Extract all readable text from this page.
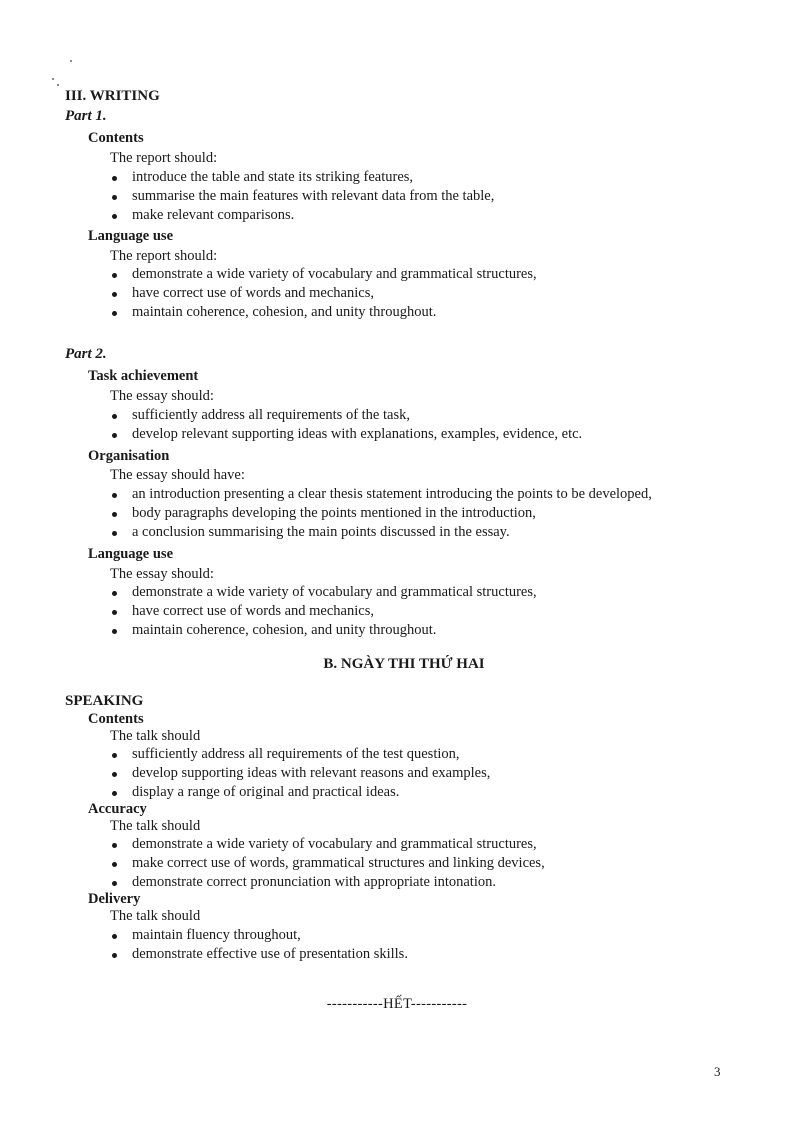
III. WRITING
Part 1.
Contents
The report should:
introduce the table and state its striking features,
summarise the main features with relevant data from the table,
make relevant comparisons.
Language use
The report should:
demonstrate a wide variety of vocabulary and grammatical structures,
have correct use of words and mechanics,
maintain coherence, cohesion, and unity throughout.
Part 2.
Task achievement
The essay should:
sufficiently address all requirements of the task,
develop relevant supporting ideas with explanations, examples, evidence, etc.
Organisation
The essay should have:
an introduction presenting a clear thesis statement introducing the points to be developed,
body paragraphs developing the points mentioned in the introduction,
a conclusion summarising the main points discussed in the essay.
Language use
The essay should:
demonstrate a wide variety of vocabulary and grammatical structures,
have correct use of words and mechanics,
maintain coherence, cohesion, and unity throughout.
B. NGÀY THI THỨ HAI
SPEAKING
Contents
The talk should
sufficiently address all requirements of the test question,
develop supporting ideas with relevant reasons and examples,
display a range of original and practical ideas.
Accuracy
The talk should
demonstrate a wide variety of vocabulary and grammatical structures,
make correct use of words, grammatical structures and linking devices,
demonstrate correct pronunciation with appropriate intonation.
Delivery
The talk should
maintain fluency throughout,
demonstrate effective use of presentation skills.
-----------HẾT-----------
3
